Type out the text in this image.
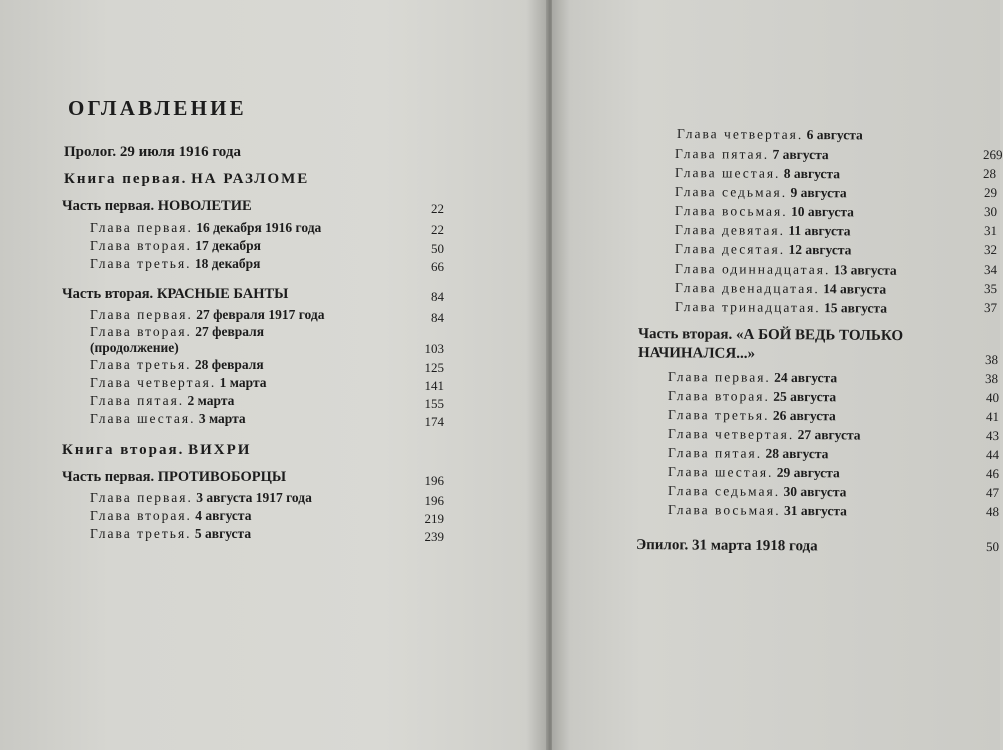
ОГЛАВЛЕНИЕ
Пролог. 29 июля 1916 года
Книга первая. НА РАЗЛОМЕ
Часть первая. НОВОЛЕТИЕ	22
Глава первая. 16 декабря 1916 года	22
Глава вторая. 17 декабря	50
Глава третья. 18 декабря	66
Часть вторая. КРАСНЫЕ БАНТЫ	84
Глава первая. 27 февраля 1917 года	84
Глава вторая. 27 февраля
(продолжение)	103
Глава третья. 28 февраля	125
Глава четвертая. 1 марта	141
Глава пятая. 2 марта	155
Глава шестая. 3 марта	174
Книга вторая. ВИХРИ
Часть первая. ПРОТИВОБОРЦЫ	196
Глава первая. 3 августа 1917 года	196
Глава вторая. 4 августа	219
Глава третья. 5 августа	239
Глава четвертая. 6 августа
Глава пятая. 7 августа	269
Глава шестая. 8 августа	28
Глава седьмая. 9 августа	29
Глава восьмая. 10 августа	30
Глава девятая. 11 августа	31
Глава десятая. 12 августа	32
Глава одиннадцатая. 13 августа	34
Глава двенадцатая. 14 августа	35
Глава тринадцатая. 15 августа	37
Часть вторая. «А БОЙ ВЕДЬ ТОЛЬКО
НАЧИНАЛСЯ...»	38
Глава первая. 24 августа	38
Глава вторая. 25 августа	40
Глава третья. 26 августа	41
Глава четвертая. 27 августа	43
Глава пятая. 28 августа	44
Глава шестая. 29 августа	46
Глава седьмая. 30 августа	47
Глава восьмая. 31 августа	48
Эпилог. 31 марта 1918 года	50
